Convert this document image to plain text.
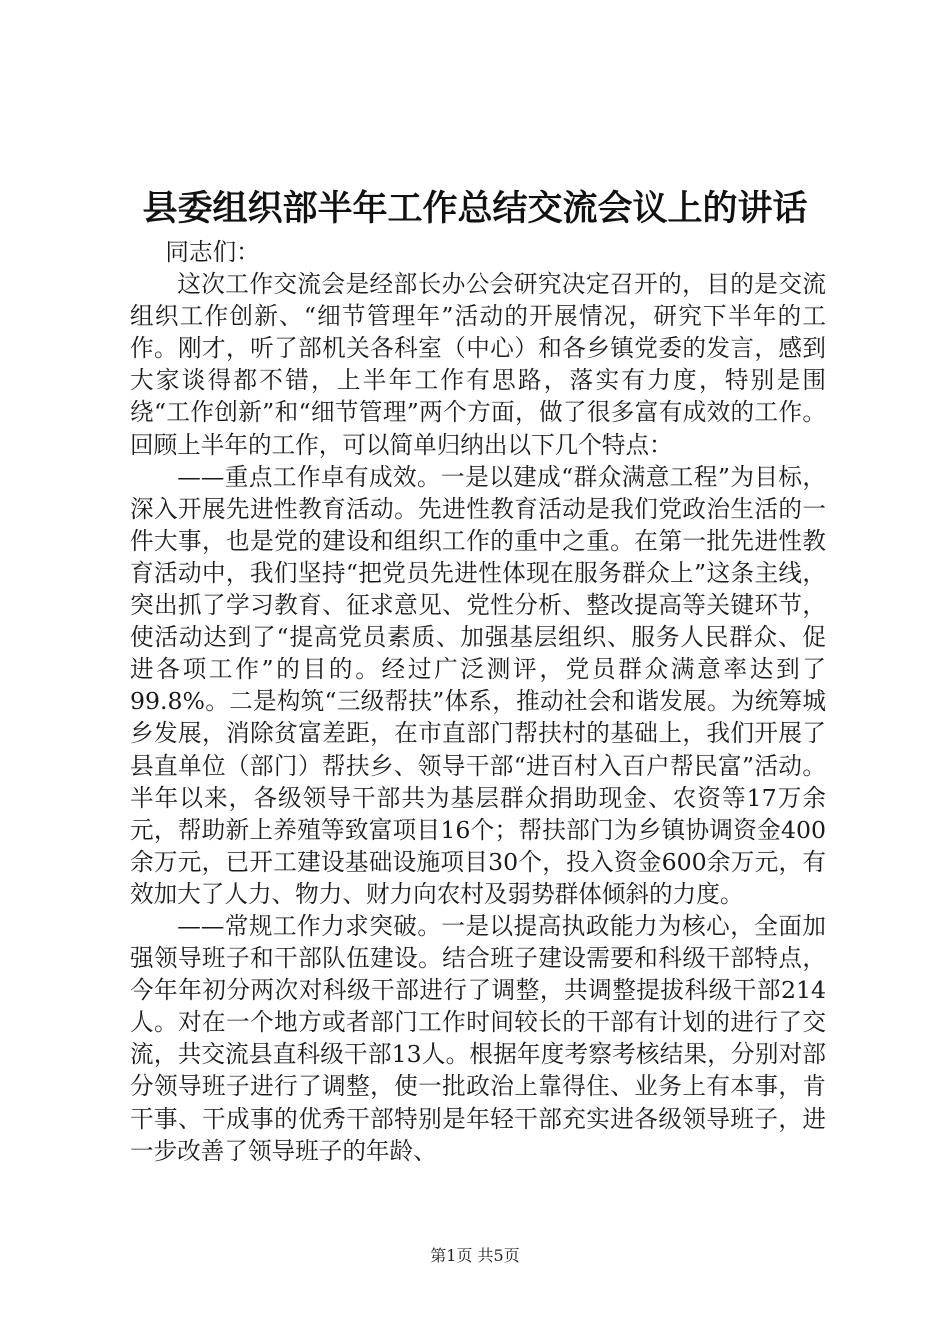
县委组织部半年工作总结交流会议上的讲话

同志们：

这次工作交流会是经部长办公会研究决定召开的，目的是交流组织工作创新、“细节管理年”活动的开展情况，研究下半年的工作。刚才，听了部机关各科室（中心）和各乡镇党委的发言，感到大家谈得都不错，上半年工作有思路，落实有力度，特别是围绕“工作创新”和“细节管理”两个方面，做了很多富有成效的工作。回顾上半年的工作，可以简单归纳出以下几个特点：

——重点工作卓有成效。一是以建成“群众满意工程”为目标，深入开展先进性教育活动。先进性教育活动是我们党政治生活的一件大事，也是党的建设和组织工作的重中之重。在第一批先进性教育活动中，我们坚持“把党员先进性体现在服务群众上”这条主线，突出抓了学习教育、征求意见、党性分析、整改提高等关键环节，使活动达到了“提高党员素质、加强基层组织、服务人民群众、促进各项工作”的目的。经过广泛测评，党员群众满意率达到了99.8%。二是构筑“三级帮扶”体系，推动社会和谐发展。为统筹城乡发展，消除贫富差距，在市直部门帮扶村的基础上，我们开展了县直单位（部门）帮扶乡、领导干部“进百村入百户帮民富”活动。半年以来，各级领导干部共为基层群众捐助现金、农资等17万余元，帮助新上养殖等致富项目16个；帮扶部门为乡镇协调资金400余万元，已开工建设基础设施项目30个，投入资金600余万元，有效加大了人力、物力、财力向农村及弱势群体倾斜的力度。

——常规工作力求突破。一是以提高执政能力为核心，全面加强领导班子和干部队伍建设。结合班子建设需要和科级干部特点，今年年初分两次对科级干部进行了调整，共调整提拔科级干部214人。对在一个地方或者部门工作时间较长的干部有计划的进行了交流，共交流县直科级干部13人。根据年度考察考核结果，分别对部分领导班子进行了调整，使一批政治上靠得住、业务上有本事，肯干事、干成事的优秀干部特别是年轻干部充实进各级领导班子，进一步改善了领导班子的年龄、

第1页 共5页
